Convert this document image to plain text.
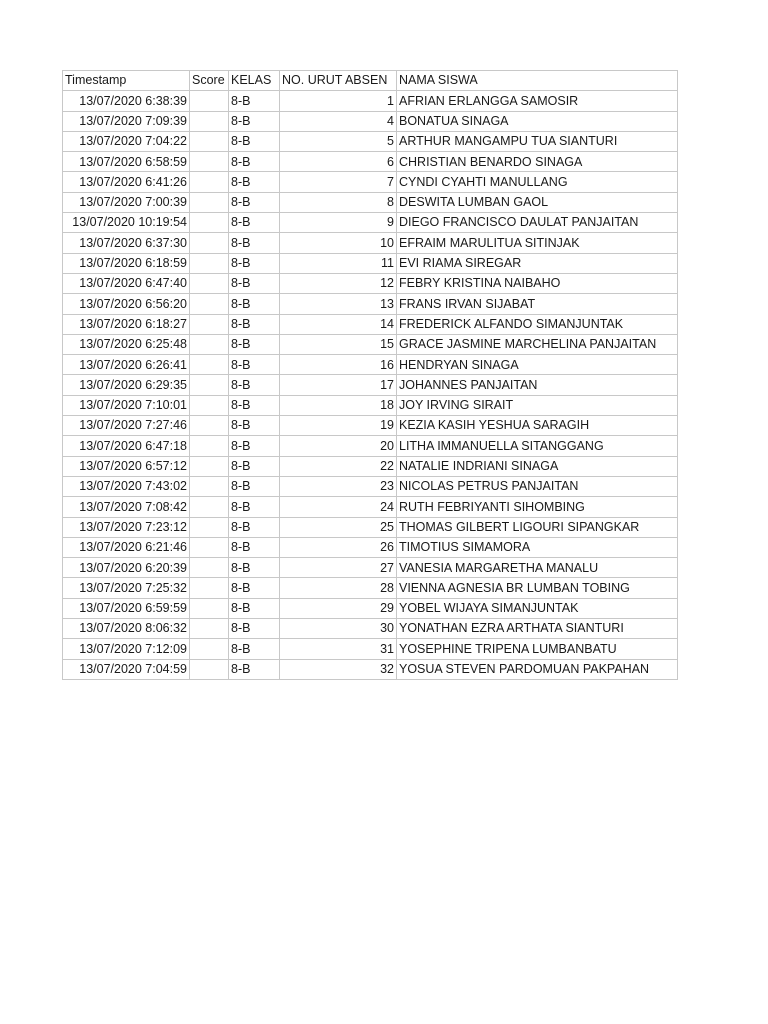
Timestamp	Score	KELAS	NO. URUT ABSEN	NAMA SISWA
13/07/2020 6:38:39		8-B	1	AFRIAN ERLANGGA SAMOSIR
13/07/2020 7:09:39		8-B	4	BONATUA SINAGA
13/07/2020 7:04:22		8-B	5	ARTHUR MANGAMPU TUA SIANTURI
13/07/2020 6:58:59		8-B	6	CHRISTIAN BENARDO SINAGA
13/07/2020 6:41:26		8-B	7	CYNDI CYAHTI MANULLANG
13/07/2020 7:00:39		8-B	8	DESWITA LUMBAN GAOL
13/07/2020 10:19:54		8-B	9	DIEGO FRANCISCO DAULAT PANJAITAN
13/07/2020 6:37:30		8-B	10	EFRAIM MARULITUA SITINJAK
13/07/2020 6:18:59		8-B	11	EVI RIAMA SIREGAR
13/07/2020 6:47:40		8-B	12	FEBRY KRISTINA NAIBAHO
13/07/2020 6:56:20		8-B	13	FRANS IRVAN SIJABAT
13/07/2020 6:18:27		8-B	14	FREDERICK ALFANDO SIMANJUNTAK
13/07/2020 6:25:48		8-B	15	GRACE JASMINE MARCHELINA PANJAITAN
13/07/2020 6:26:41		8-B	16	HENDRYAN SINAGA
13/07/2020 6:29:35		8-B	17	JOHANNES PANJAITAN
13/07/2020 7:10:01		8-B	18	JOY IRVING SIRAIT
13/07/2020 7:27:46		8-B	19	KEZIA KASIH YESHUA SARAGIH
13/07/2020 6:47:18		8-B	20	LITHA IMMANUELLA SITANGGANG
13/07/2020 6:57:12		8-B	22	NATALIE INDRIANI SINAGA
13/07/2020 7:43:02		8-B	23	NICOLAS PETRUS PANJAITAN
13/07/2020 7:08:42		8-B	24	RUTH FEBRIYANTI SIHOMBING
13/07/2020 7:23:12		8-B	25	THOMAS GILBERT LIGOURI SIPANGKAR
13/07/2020 6:21:46		8-B	26	TIMOTIUS SIMAMORA
13/07/2020 6:20:39		8-B	27	VANESIA MARGARETHA MANALU
13/07/2020 7:25:32		8-B	28	VIENNA AGNESIA BR LUMBAN TOBING
13/07/2020 6:59:59		8-B	29	YOBEL WIJAYA SIMANJUNTAK
13/07/2020 8:06:32		8-B	30	YONATHAN EZRA ARTHATA SIANTURI
13/07/2020 7:12:09		8-B	31	YOSEPHINE TRIPENA LUMBANBATU
13/07/2020 7:04:59		8-B	32	YOSUA STEVEN PARDOMUAN PAKPAHAN
